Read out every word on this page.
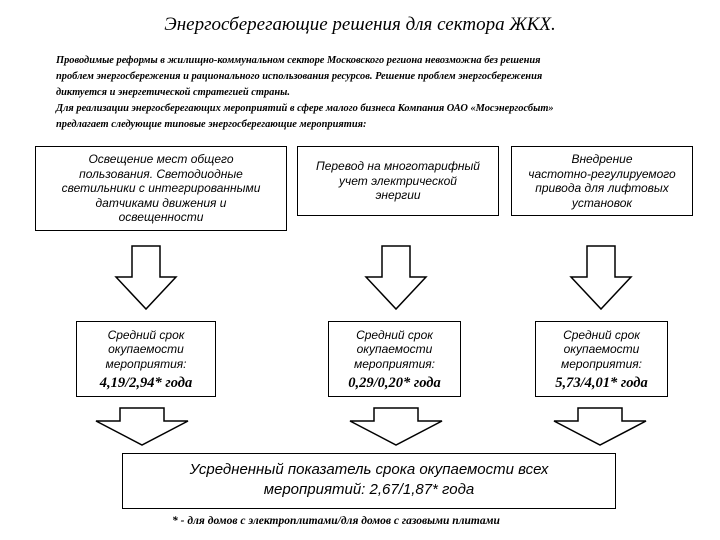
Энергосберегающие решения для сектора ЖКХ.

Проводимые реформы в жилищно-коммунальном секторе Московского региона невозможна без решения

проблем энергосбережения и рационального использования ресурсов. Решение проблем энергосбережения

диктуется и энергетической стратегией страны.

Для реализации энергосберегающих мероприятий в сфере малого бизнеса Компания ОАО «Мосэнергосбыт»

предлагает следующие типовые энергосберегающие мероприятия:

Освещение мест общего
пользования. Светодиодные
светильники с интегрированными
датчиками движения и
освещенности
Перевод на многотарифный
учет электрической
энергии
Внедрение
частотно-регулируемого
привода для лифтовых
установок
Средний срок
окупаемости
мероприятия:
4,19/2,94* года
Средний срок
окупаемости
мероприятия:
0,29/0,20* года
Средний срок
окупаемости
мероприятия:
5,73/4,01* года
Усредненный показатель срока окупаемости всех
мероприятий: 2,67/1,87* года
* - для домов с электроплитами/для домов с газовыми плитами
